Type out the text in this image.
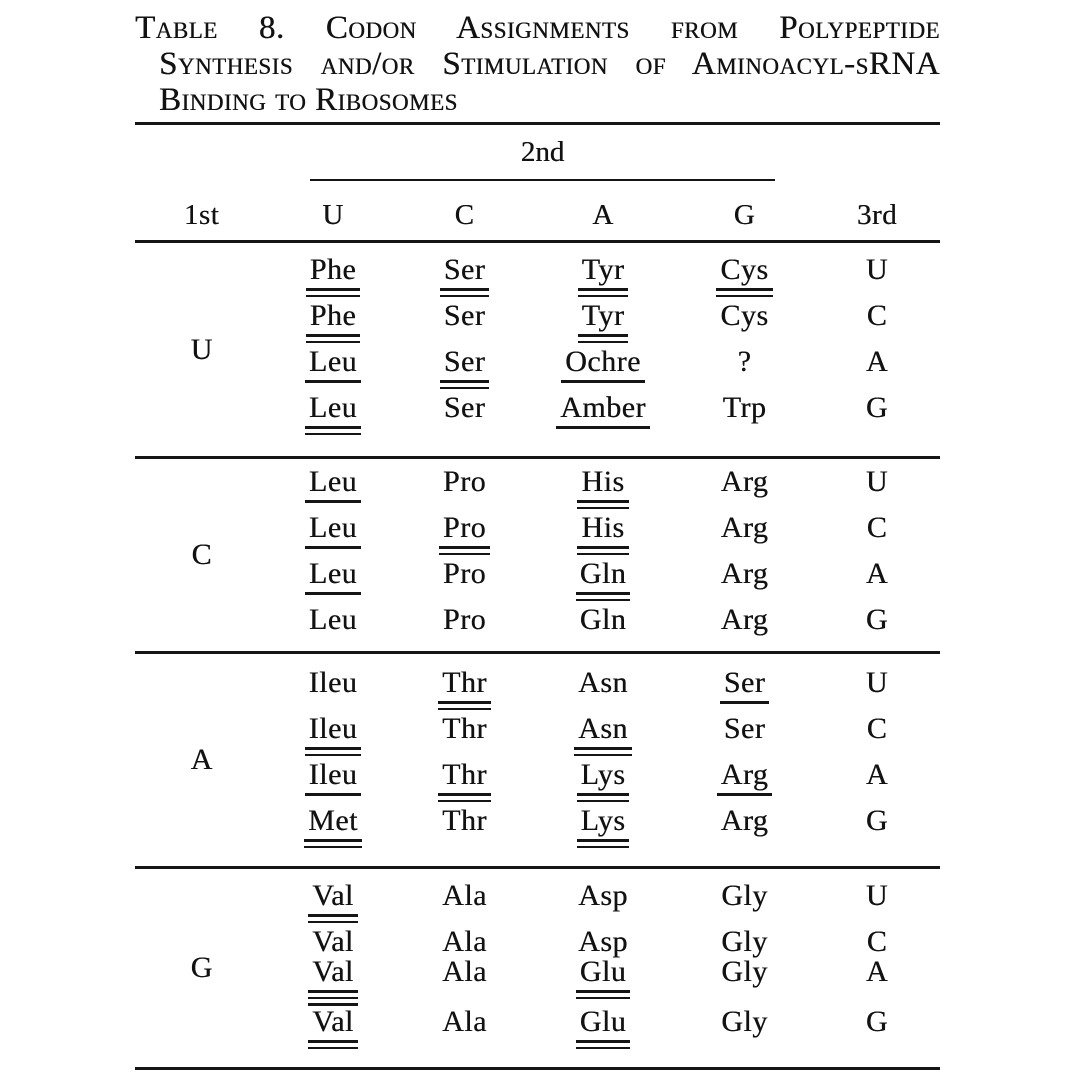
Table 8. Codon Assignments from Polypeptide
Synthesis and/or Stimulation of Aminoacyl-sRNA
Binding to Ribosomes
2nd
1st	U	C	A	G	3rd
U
Phe	Ser	Tyr	Cys	U
Phe	Ser	Tyr	Cys	C
Leu	Ser	Ochre	?	A
Leu	Ser	Amber	Trp	G
C
Leu	Pro	His	Arg	U
Leu	Pro	His	Arg	C
Leu	Pro	Gln	Arg	A
Leu	Pro	Gln	Arg	G
A
Ileu	Thr	Asn	Ser	U
Ileu	Thr	Asn	Ser	C
Ileu	Thr	Lys	Arg	A
Met	Thr	Lys	Arg	G
G
Val	Ala	Asp	Gly	U
Val	Ala	Asp	Gly	C
Val	Ala	Glu	Gly	A
Val	Ala	Glu	Gly	G
